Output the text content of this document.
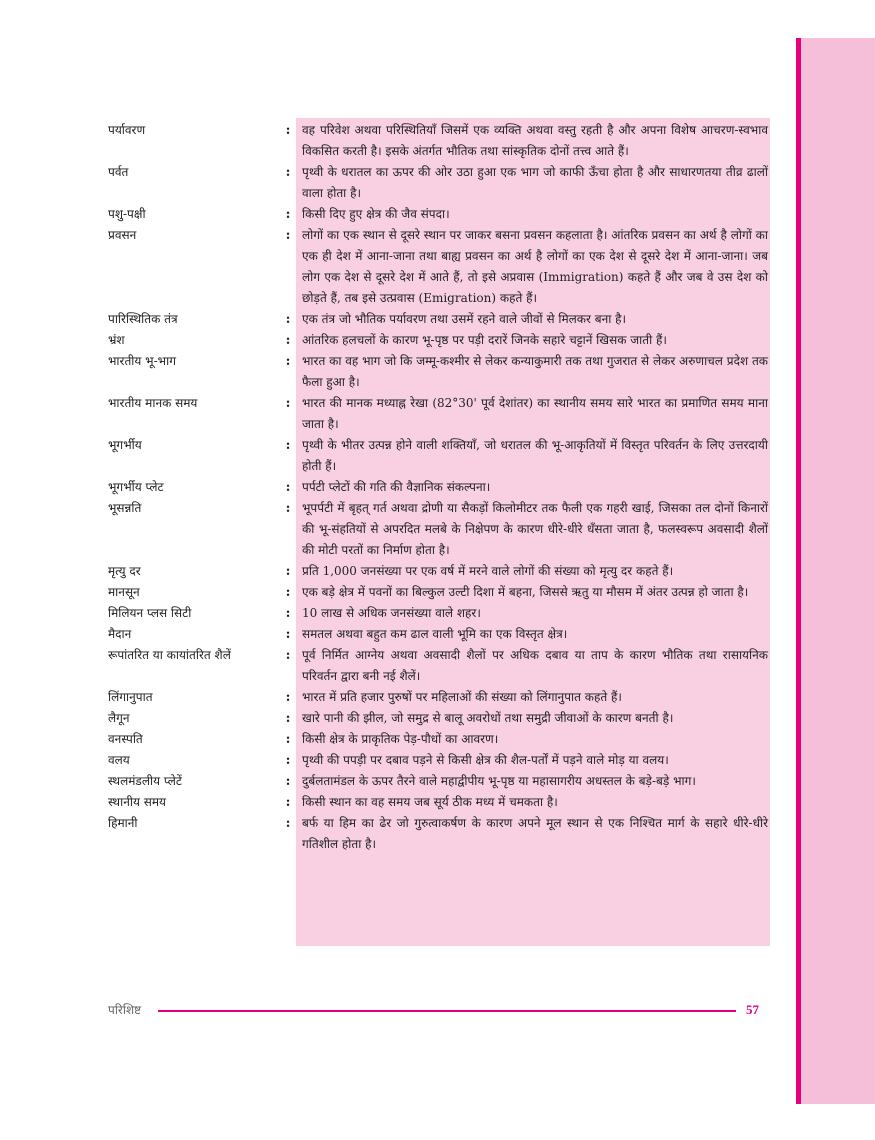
पर्यावरण	: वह परिवेश अथवा परिस्थितियाँ जिसमें एक व्यक्ति अथवा वस्तु रहती है और अपना विशेष आचरण-स्वभाव विकसित करती है। इसके अंतर्गत भौतिक तथा सांस्कृतिक दोनों तत्त्व आते हैं।
पर्वत	: पृथ्वी के धरातल का ऊपर की ओर उठा हुआ एक भाग जो काफी ऊँचा होता है और साधारणतया तीव्र ढालों वाला होता है।
पशु-पक्षी	: किसी दिए हुए क्षेत्र की जैव संपदा।
प्रवसन	: लोगों का एक स्थान से दूसरे स्थान पर जाकर बसना प्रवसन कहलाता है। आंतरिक प्रवसन का अर्थ है लोगों का एक ही देश में आना-जाना तथा बाह्य प्रवसन का अर्थ है लोगों का एक देश से दूसरे देश में आना-जाना। जब लोग एक देश से दूसरे देश में आते हैं, तो इसे अप्रवास (Immigration) कहते हैं और जब वे उस देश को छोड़ते हैं, तब इसे उत्प्रवास (Emigration) कहते हैं।
पारिस्थितिक तंत्र	: एक तंत्र जो भौतिक पर्यावरण तथा उसमें रहने वाले जीवों से मिलकर बना है।
भ्रंश	: आंतरिक हलचलों के कारण भू-पृष्ठ पर पड़ी दरारें जिनके सहारे चट्टानें खिसक जाती हैं।
भारतीय भू-भाग	: भारत का वह भाग जो कि जम्मू-कश्मीर से लेकर कन्याकुमारी तक तथा गुजरात से लेकर अरुणाचल प्रदेश तक फैला हुआ है।
भारतीय मानक समय	: भारत की मानक मध्याह्न रेखा (82°30' पूर्व देशांतर) का स्थानीय समय सारे भारत का प्रमाणित समय माना जाता है।
भूगर्भीय	: पृथ्वी के भीतर उत्पन्न होने वाली शक्तियाँ, जो धरातल की भू-आकृतियों में विस्तृत परिवर्तन के लिए उत्तरदायी होती हैं।
भूगर्भीय प्लेट	: पर्पटी प्लेटों की गति की वैज्ञानिक संकल्पना।
भूसन्नति	: भूपर्पटी में बृहत् गर्त अथवा द्रोणी या सैकड़ों किलोमीटर तक फैली एक गहरी खाई, जिसका तल दोनों किनारों की भू-संहतियों से अपरदित मलबे के निक्षेपण के कारण धीरे-धीरे धँसता जाता है, फलस्वरूप अवसादी शैलों की मोटी परतों का निर्माण होता है।
मृत्यु दर	: प्रति 1,000 जनसंख्या पर एक वर्ष में मरने वाले लोगों की संख्या को मृत्यु दर कहते हैं।
मानसून	: एक बड़े क्षेत्र में पवनों का बिल्कुल उल्टी दिशा में बहना, जिससे ऋतु या मौसम में अंतर उत्पन्न हो जाता है।
मिलियन प्लस सिटी	: 10 लाख से अधिक जनसंख्या वाले शहर।
मैदान	: समतल अथवा बहुत कम ढाल वाली भूमि का एक विस्तृत क्षेत्र।
रूपांतरित या कायांतरित शैलें	: पूर्व निर्मित आग्नेय अथवा अवसादी शैलों पर अधिक दबाव या ताप के कारण भौतिक तथा रासायनिक परिवर्तन द्वारा बनी नई शैलें।
लिंगानुपात	: भारत में प्रति हजार पुरुषों पर महिलाओं की संख्या को लिंगानुपात कहते हैं।
लैगून	: खारे पानी की झील, जो समुद्र से बालू अवरोधों तथा समुद्री जीवाओं के कारण बनती है।
वनस्पति	: किसी क्षेत्र के प्राकृतिक पेड़-पौधों का आवरण।
वलय	: पृथ्वी की पपड़ी पर दबाव पड़ने से किसी क्षेत्र की शैल-पर्तों में पड़ने वाले मोड़ या वलय।
स्थलमंडलीय प्लेटें	: दुर्बलतामंडल के ऊपर तैरने वाले महाद्वीपीय भू-पृष्ठ या महासागरीय अधस्तल के बड़े-बड़े भाग।
स्थानीय समय	: किसी स्थान का वह समय जब सूर्य ठीक मध्य में चमकता है।
हिमानी	: बर्फ या हिम का ढेर जो गुरुत्वाकर्षण के कारण अपने मूल स्थान से एक निश्चित मार्ग के सहारे धीरे-धीरे गतिशील होता है।
परिशिष्ट	57
